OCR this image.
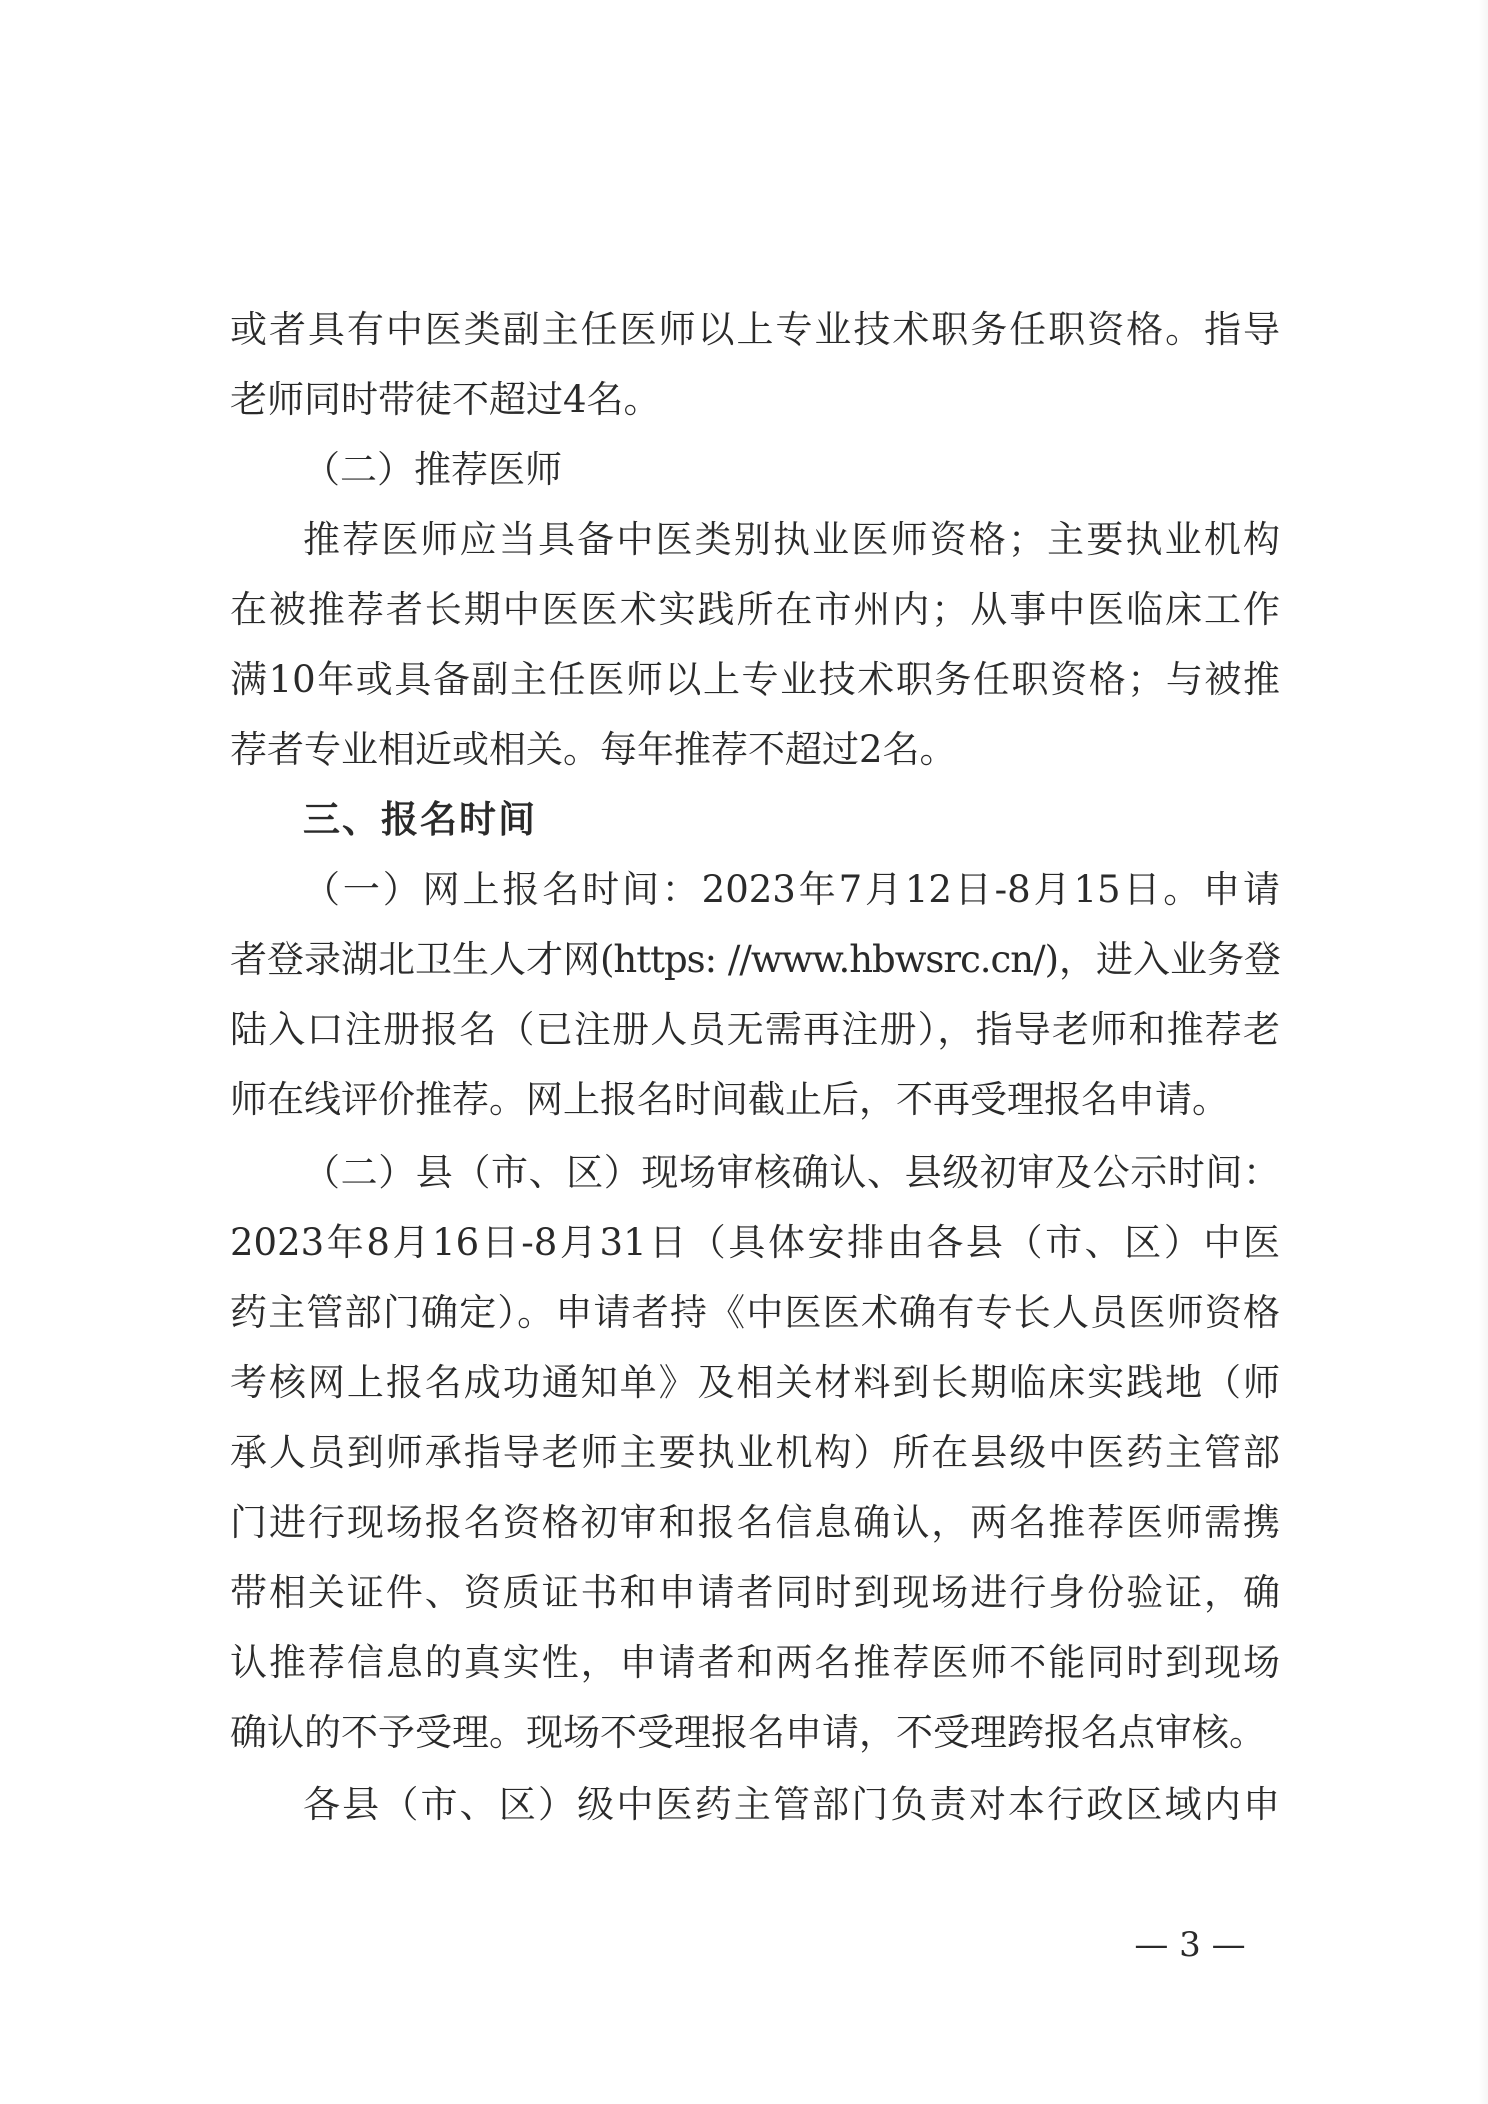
或者具有中医类副主任医师以上专业技术职务任职资格。指导
老师同时带徒不超过4名。
（二）推荐医师
推荐医师应当具备中医类别执业医师资格；主要执业机构
在被推荐者长期中医医术实践所在市州内；从事中医临床工作
满10年或具备副主任医师以上专业技术职务任职资格；与被推
荐者专业相近或相关。每年推荐不超过2名。
三、报名时间
（一）网上报名时间：2023年7月12日-8月15日。申请
者登录湖北卫生人才网(https: //www.hbwsrc.cn/)，进入业务登
陆入口注册报名（已注册人员无需再注册），指导老师和推荐老
师在线评价推荐。网上报名时间截止后，不再受理报名申请。
（二）县（市、区）现场审核确认、县级初审及公示时间：
2023年8月16日-8月31日（具体安排由各县（市、区）中医
药主管部门确定）。申请者持《中医医术确有专长人员医师资格
考核网上报名成功通知单》及相关材料到长期临床实践地（师
承人员到师承指导老师主要执业机构）所在县级中医药主管部
门进行现场报名资格初审和报名信息确认，两名推荐医师需携
带相关证件、资质证书和申请者同时到现场进行身份验证，确
认推荐信息的真实性，申请者和两名推荐医师不能同时到现场
确认的不予受理。现场不受理报名申请，不受理跨报名点审核。
各县（市、区）级中医药主管部门负责对本行政区域内申
— 3 —
